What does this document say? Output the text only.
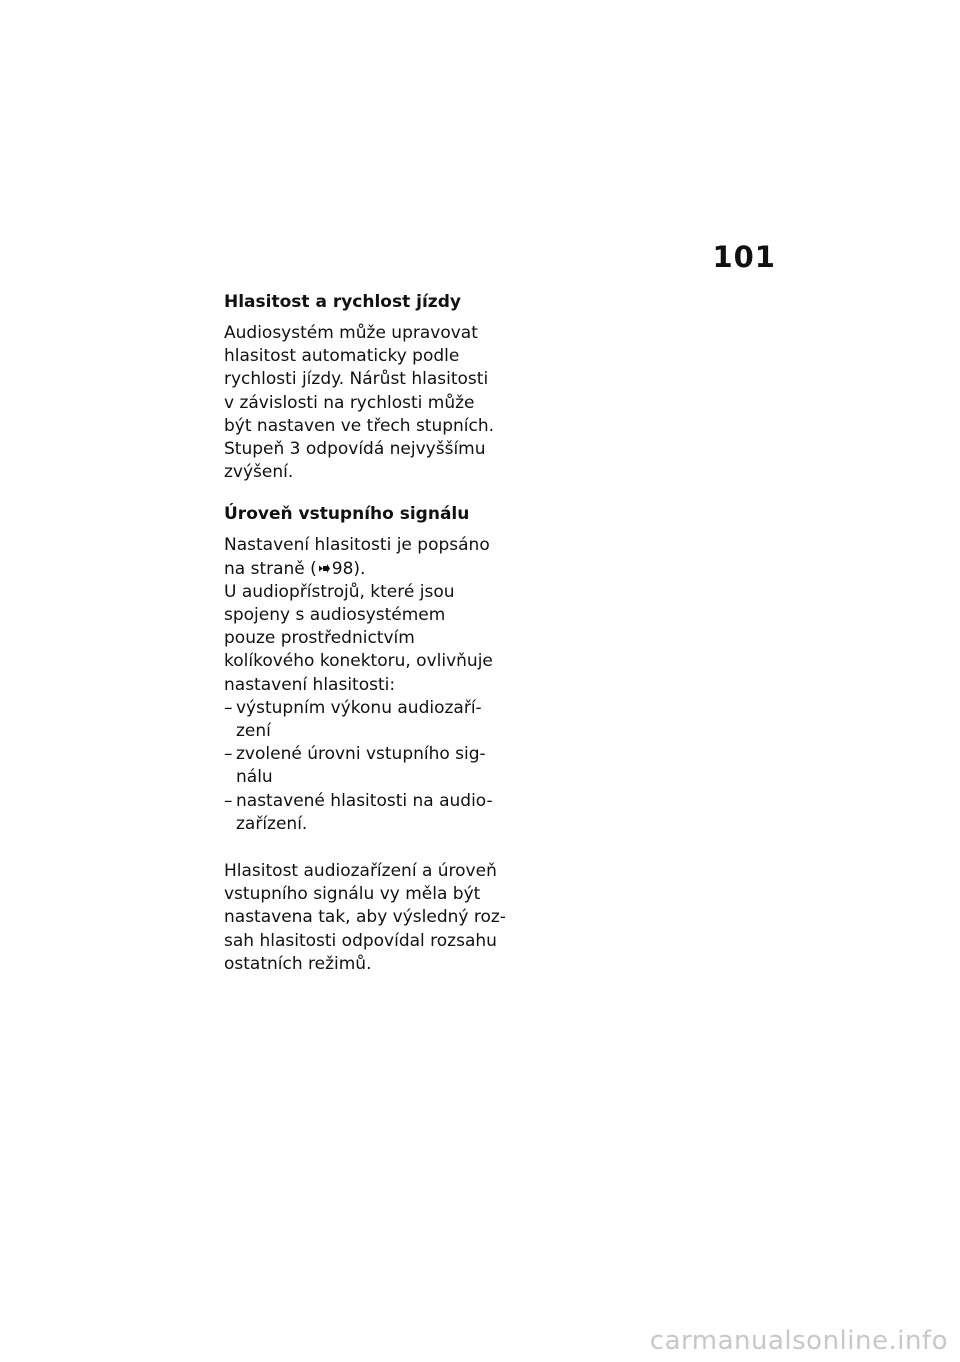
101
Hlasitost a rychlost jízdy

Audiosystém může upravovat
hlasitost automaticky podle
rychlosti jízdy. Nárůst hlasitosti
v závislosti na rychlosti může
být nastaven ve třech stupních.
Stupeň 3 odpovídá nejvyššímu
zvýšení.

Úroveň vstupního signálu

Nastavení hlasitosti je popsáno
na straně ( 98).
U audiopřístrojů, které jsou
spojeny s audiosystémem
pouze prostřednictvím
kolíkového konektoru, ovlivňuje
nastavení hlasitosti:

– výstupním výkonu audiozaří-
zení
– zvolené úrovni vstupního sig-
nálu
– nastavené hlasitosti na audio-
zařízení.

Hlasitost audiozařízení a úroveň
vstupního signálu vy měla být
nastavena tak, aby výsledný roz-
sah hlasitosti odpovídal rozsahu
ostatních režimů.

carmanualsonline.info
